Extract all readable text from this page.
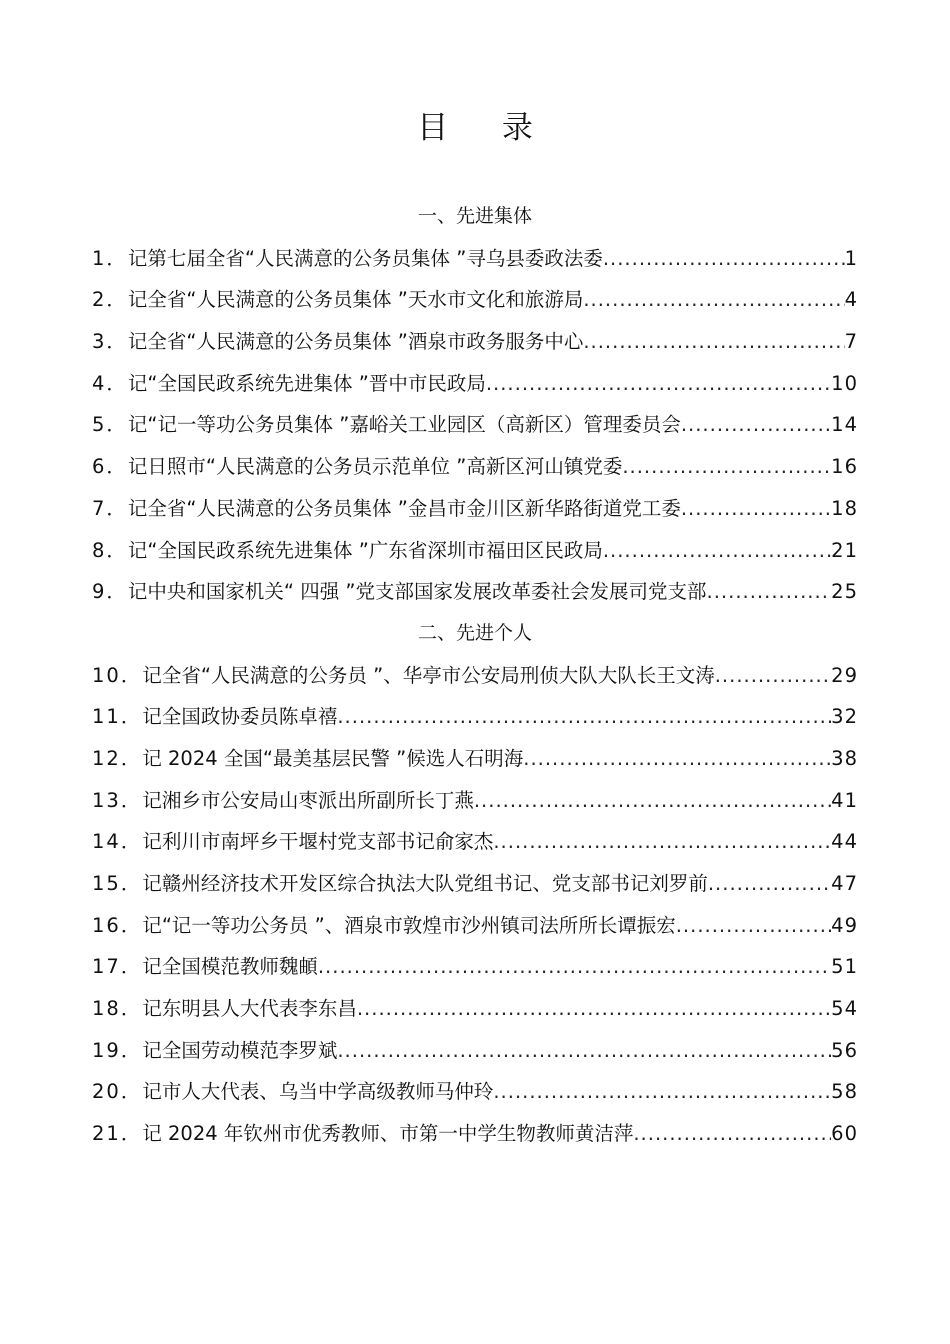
目 录
一、先进集体
1．记第七届全省“人民满意的公务员集体 ”寻乌县委政法委 .....	1
2．记全省“人民满意的公务员集体 ”天水市文化和旅游局 .....	4
3．记全省“人民满意的公务员集体 ”酒泉市政务服务中心 .....	7
4．记“全国民政系统先进集体 ”晋中市民政局 .....	10
5．记“记一等功公务员集体 ”嘉峪关工业园区（高新区）管理委员会 .....	14
6．记日照市“人民满意的公务员示范单位 ”高新区河山镇党委 .....	16
7．记全省“人民满意的公务员集体 ”金昌市金川区新华路街道党工委 .....	18
8．记“全国民政系统先进集体 ”广东省深圳市福田区民政局 .....	21
9．记中央和国家机关“ 四强 ”党支部国家发展改革委社会发展司党支部 .....	25
二、先进个人
10．记全省“人民满意的公务员 ”、华亭市公安局刑侦大队大队长王文涛 .....	29
11．记全国政协委员陈卓禧 .....	32
12．记 2024 全国“最美基层民警 ”候选人石明海 .....	38
13．记湘乡市公安局山枣派出所副所长丁燕 .....	41
14．记利川市南坪乡干堰村党支部书记俞家杰 .....	44
15．记赣州经济技术开发区综合执法大队党组书记、党支部书记刘罗前 .....	47
16．记“记一等功公务员 ”、酒泉市敦煌市沙州镇司法所所长谭振宏 .....	49
17．记全国模范教师魏頔 .....	51
18．记东明县人大代表李东昌 .....	54
19．记全国劳动模范李罗斌 .....	56
20．记市人大代表、乌当中学高级教师马仲玲 .....	58
21．记 2024 年钦州市优秀教师、市第一中学生物教师黄洁萍 .....	60
